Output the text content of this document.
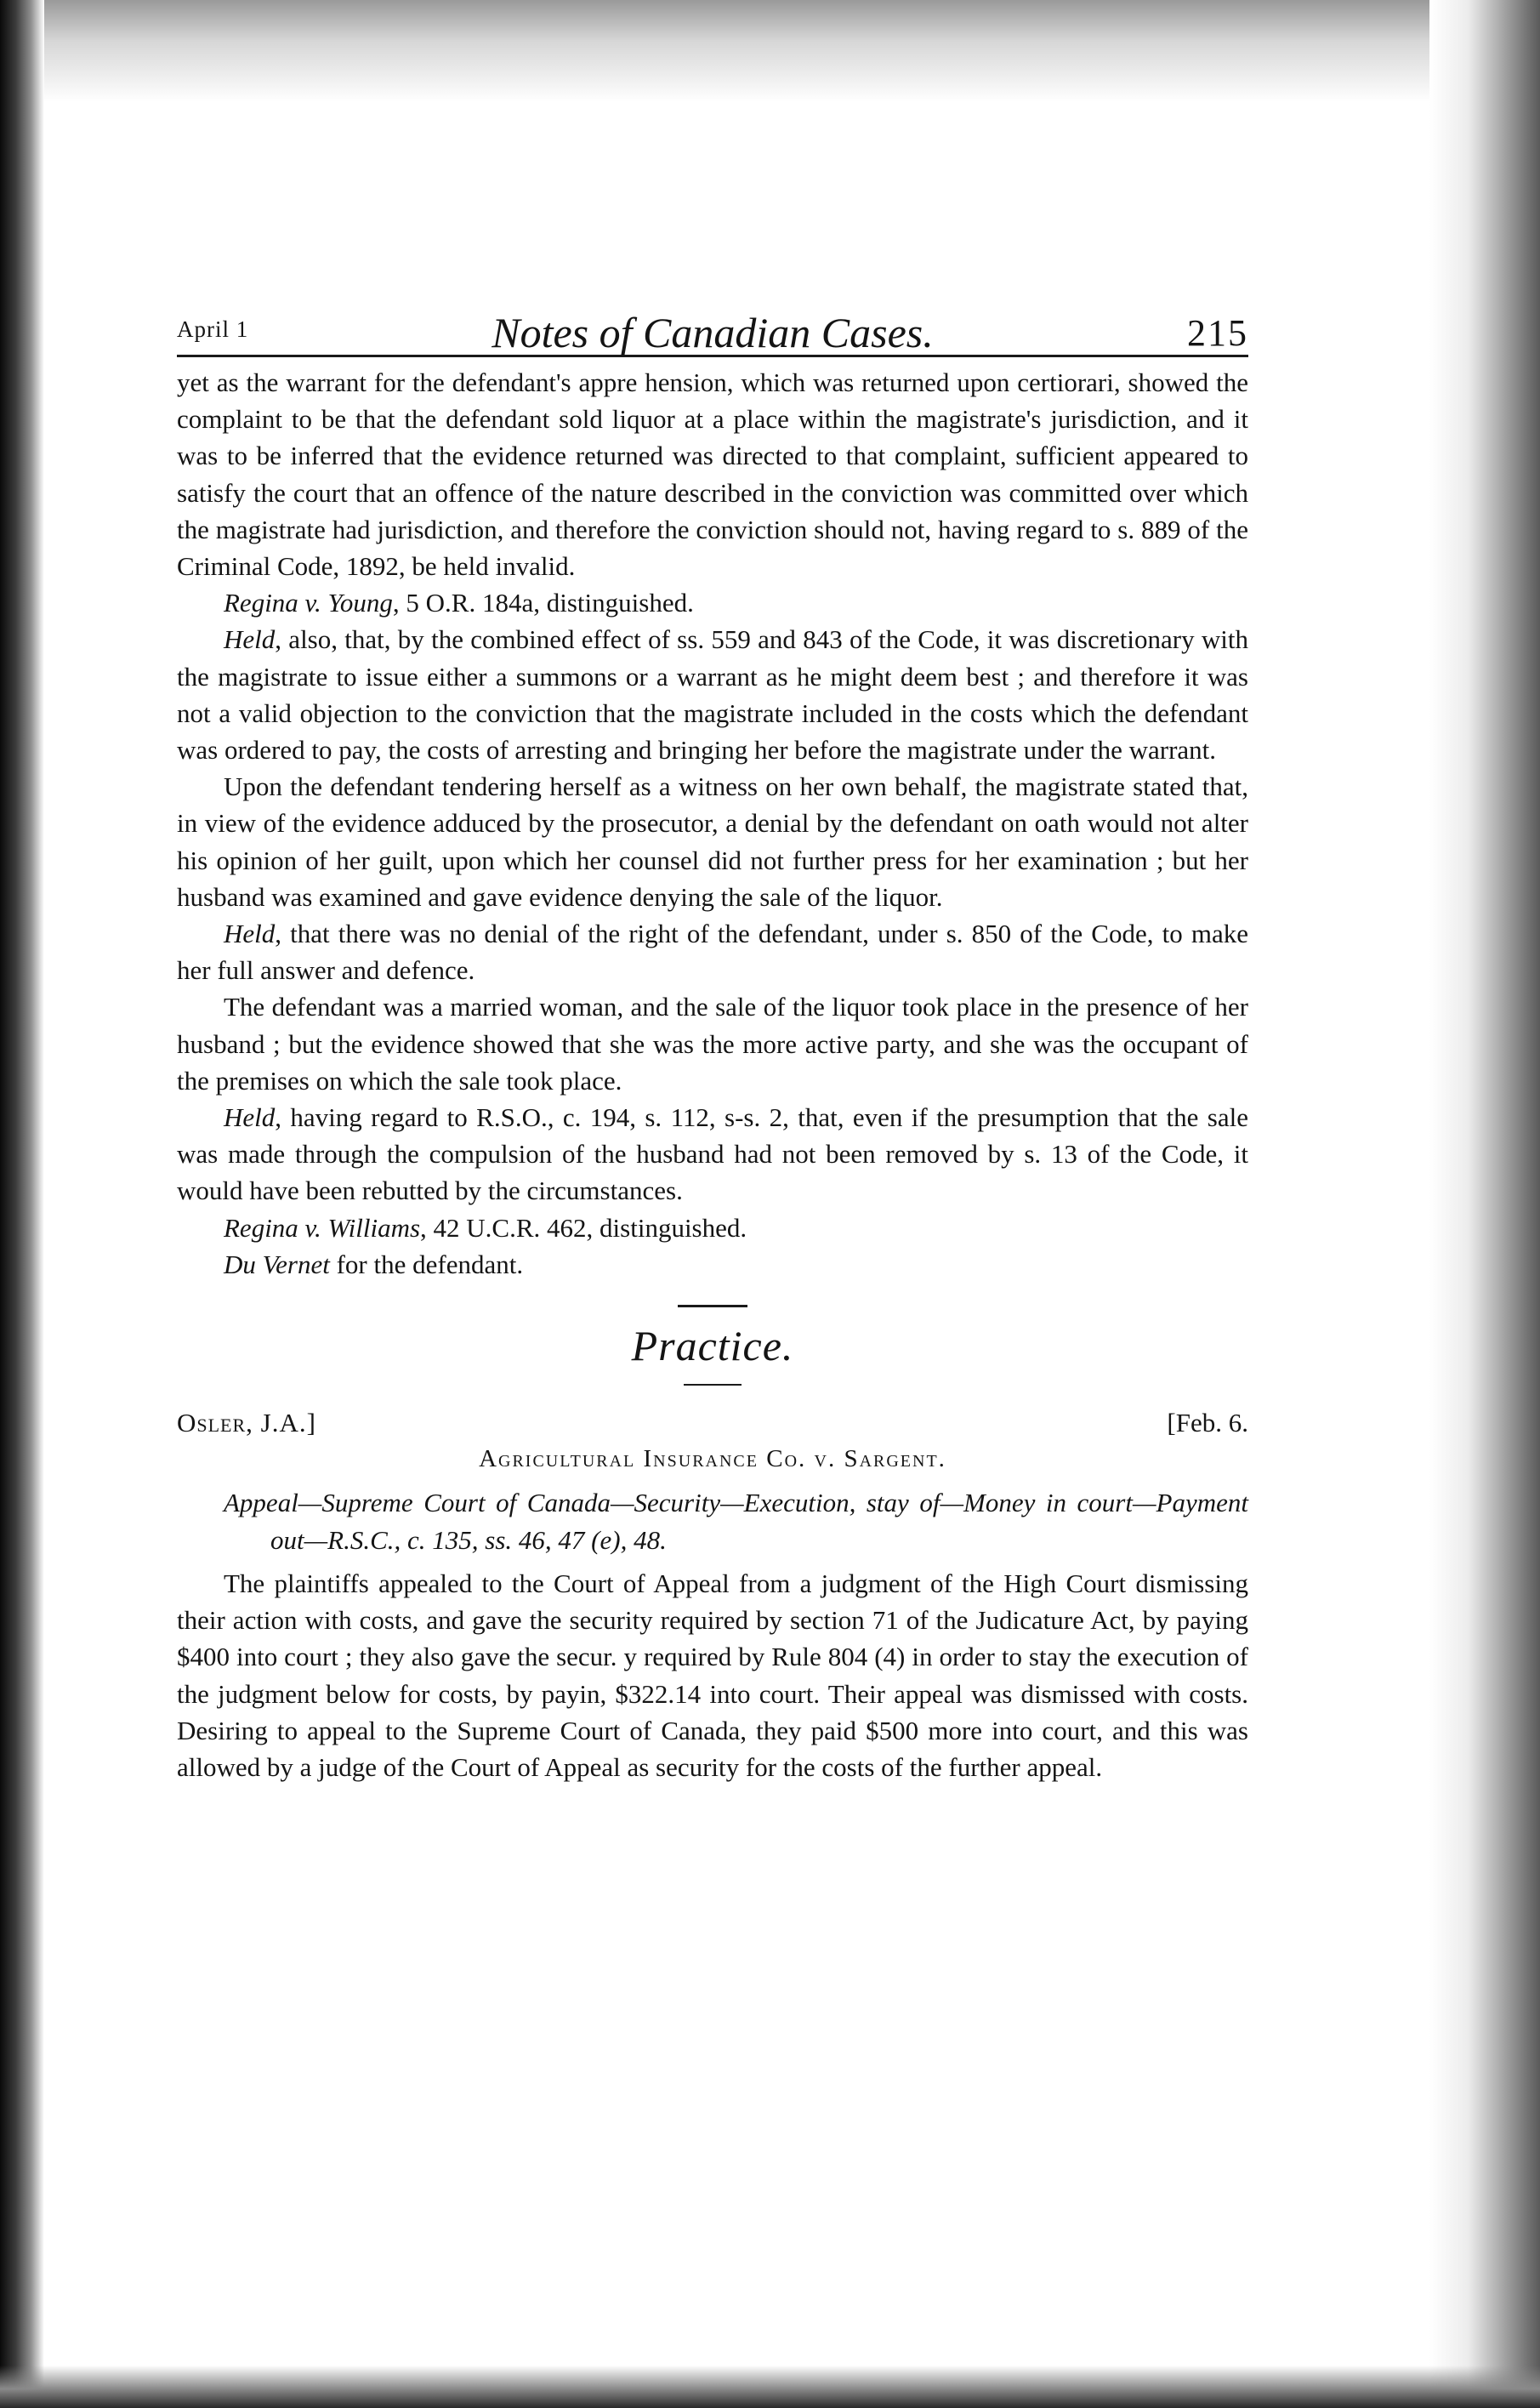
April 1	Notes of Canadian Cases.	215

yet as the warrant for the defendant's appre hension, which was returned upon certiorari, showed the complaint to be that the defendant sold liquor at a place within the magistrate's jurisdiction, and it was to be inferred that the evidence returned was directed to that complaint, sufficient appeared to satisfy the court that an offence of the nature described in the conviction was committed over which the magistrate had jurisdiction, and therefore the conviction should not, having regard to s. 889 of the Criminal Code, 1892, be held invalid.

Regina v. Young, 5 O.R. 184a, distinguished.

Held, also, that, by the combined effect of ss. 559 and 843 of the Code, it was discretionary with the magistrate to issue either a summons or a warrant as he might deem best ; and therefore it was not a valid objection to the conviction that the magistrate included in the costs which the defendant was ordered to pay, the costs of arresting and bringing her before the magistrate under the warrant.

Upon the defendant tendering herself as a witness on her own behalf, the magistrate stated that, in view of the evidence adduced by the prosecutor, a denial by the defendant on oath would not alter his opinion of her guilt, upon which her counsel did not further press for her examination ; but her husband was examined and gave evidence denying the sale of the liquor.

Held, that there was no denial of the right of the defendant, under s. 850 of the Code, to make her full answer and defence.

The defendant was a married woman, and the sale of the liquor took place in the presence of her husband ; but the evidence showed that she was the more active party, and she was the occupant of the premises on which the sale took place.

Held, having regard to R.S.O., c. 194, s. 112, s-s. 2, that, even if the presumption that the sale was made through the compulsion of the husband had not been removed by s. 13 of the Code, it would have been rebutted by the circumstances.

Regina v. Williams, 42 U.C.R. 462, distinguished.

Du Vernet for the defendant.

Practice.
Osler, J.A.]	[Feb. 6.
Agricultural Insurance Co. v. Sargent.

Appeal—Supreme Court of Canada—Security—Execution, stay of—Money in court—Payment out—R.S.C., c. 135, ss. 46, 47 (e), 48.

The plaintiffs appealed to the Court of Appeal from a judgment of the High Court dismissing their action with costs, and gave the security required by section 71 of the Judicature Act, by paying $400 into court ; they also gave the secur. y required by Rule 804 (4) in order to stay the execution of the judgment below for costs, by payin, $322.14 into court. Their appeal was dismissed with costs. Desiring to appeal to the Supreme Court of Canada, they paid $500 more into court, and this was allowed by a judge of the Court of Appeal as security for the costs of the further appeal.
